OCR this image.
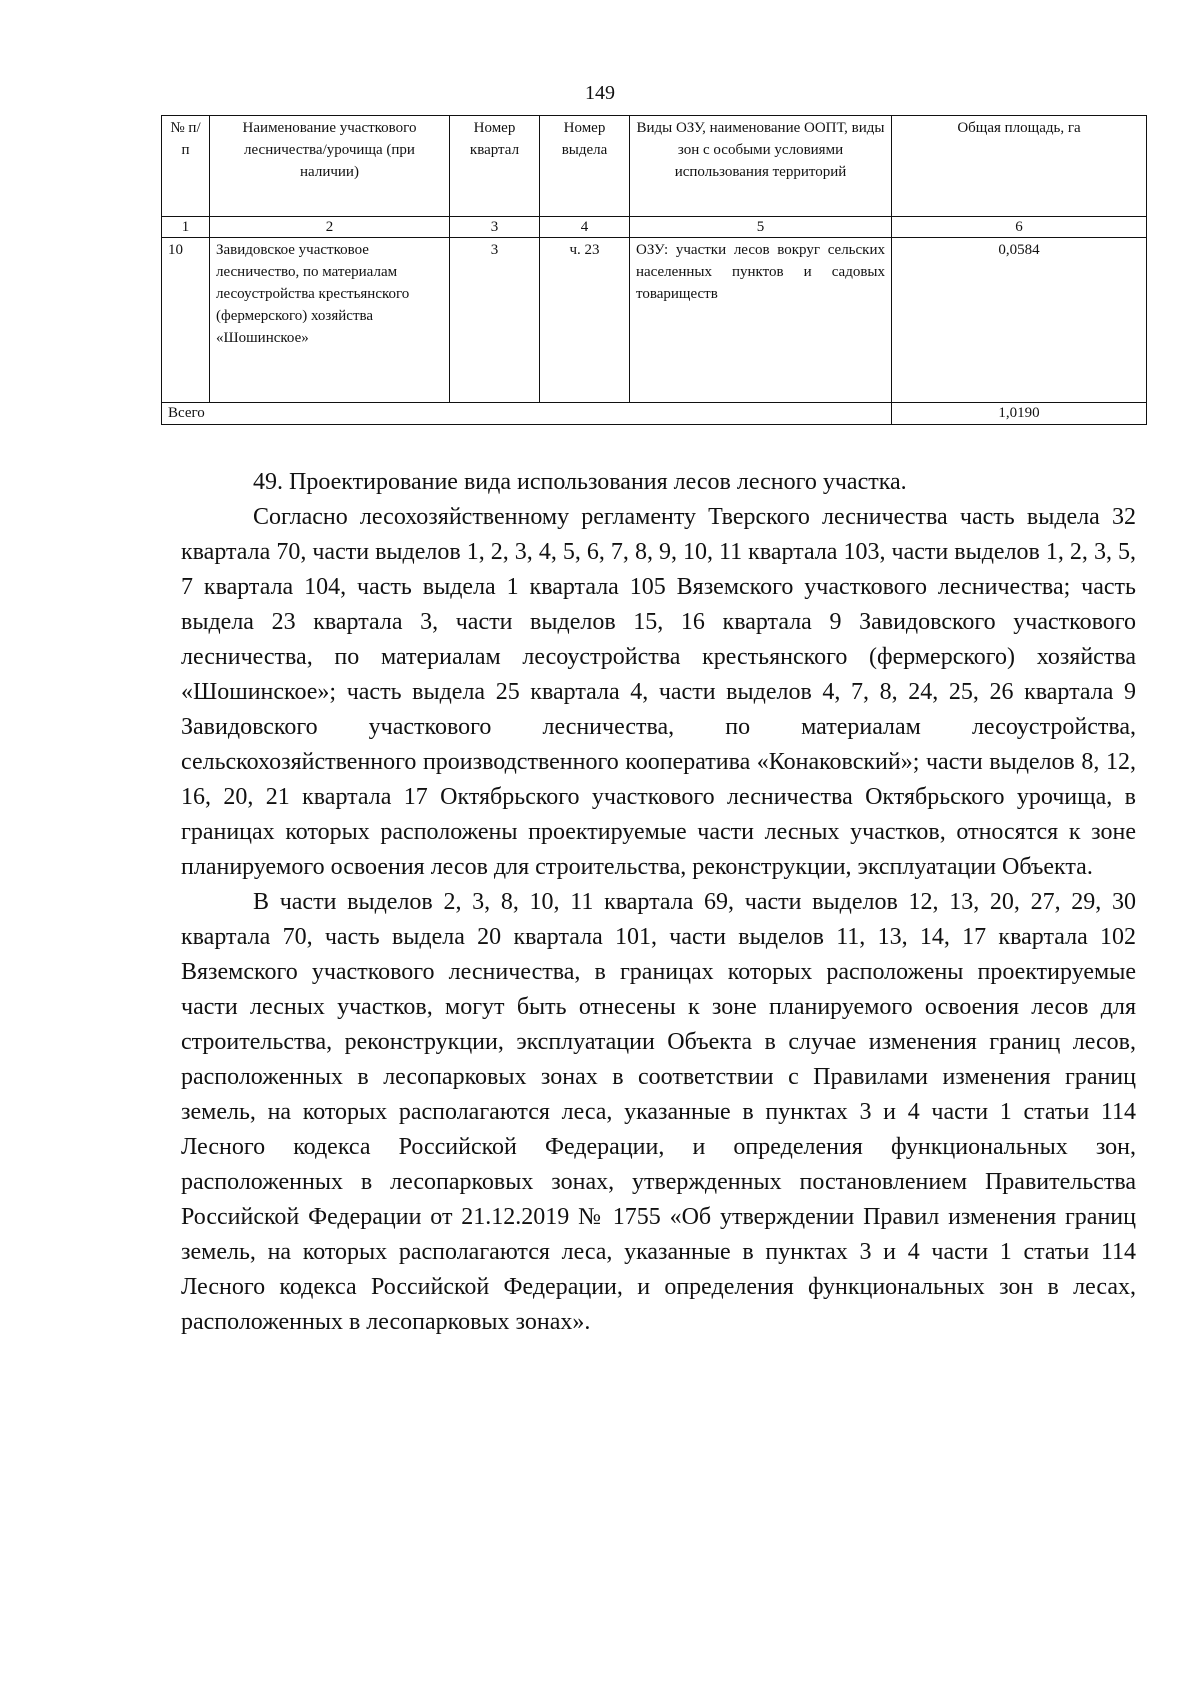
149
№ п/п	Наименование участкового лесничества/урочища (при наличии)	Номер квартал	Номер выдела	Виды ОЗУ, наименование ООПТ, виды зон с особыми условиями использования территорий	Общая площадь, га
1	2	3	4	5	6
10	Завидовское участковое лесничество, по материалам лесоустройства крестьянского (фермерского) хозяйства «Шошинское»	3	ч. 23	ОЗУ: участки лесов вокруг сельских населенных пунктов и садовых товариществ	0,0584
Всего					1,0190

49. Проектирование вида использования лесов лесного участка.

Согласно лесохозяйственному регламенту Тверского лесничества часть выдела 32 квартала 70, части выделов 1, 2, 3, 4, 5, 6, 7, 8, 9, 10, 11 квартала 103, части выделов 1, 2, 3, 5, 7 квартала 104, часть выдела 1 квартала 105 Вяземского участкового лесничества; часть выдела 23 квартала 3, части выделов 15, 16 квартала 9 Завидовского участкового лесничества, по материалам лесоустройства крестьянского (фермерского) хозяйства «Шошинское»; часть выдела 25 квартала 4, части выделов 4, 7, 8, 24, 25, 26 квартала 9 Завидовского участкового лесничества, по материалам лесоустройства, сельскохозяйственного производственного кооператива «Конаковский»; части выделов 8, 12, 16, 20, 21 квартала 17 Октябрьского участкового лесничества Октябрьского урочища, в границах которых расположены проектируемые части лесных участков, относятся к зоне планируемого освоения лесов для строительства, реконструкции, эксплуатации Объекта.

В части выделов 2, 3, 8, 10, 11 квартала 69, части выделов 12, 13, 20, 27, 29, 30 квартала 70, часть выдела 20 квартала 101, части выделов 11, 13, 14, 17 квартала 102 Вяземского участкового лесничества, в границах которых расположены проектируемые части лесных участков, могут быть отнесены к зоне планируемого освоения лесов для строительства, реконструкции, эксплуатации Объекта в случае изменения границ лесов, расположенных в лесопарковых зонах в соответствии с Правилами изменения границ земель, на которых располагаются леса, указанные в пунктах 3 и 4 части 1 статьи 114 Лесного кодекса Российской Федерации, и определения функциональных зон, расположенных в лесопарковых зонах, утвержденных постановлением Правительства Российской Федерации от 21.12.2019 № 1755 «Об утверждении Правил изменения границ земель, на которых располагаются леса, указанные в пунктах 3 и 4 части 1 статьи 114 Лесного кодекса Российской Федерации, и определения функциональных зон в лесах, расположенных в лесопарковых зонах».
